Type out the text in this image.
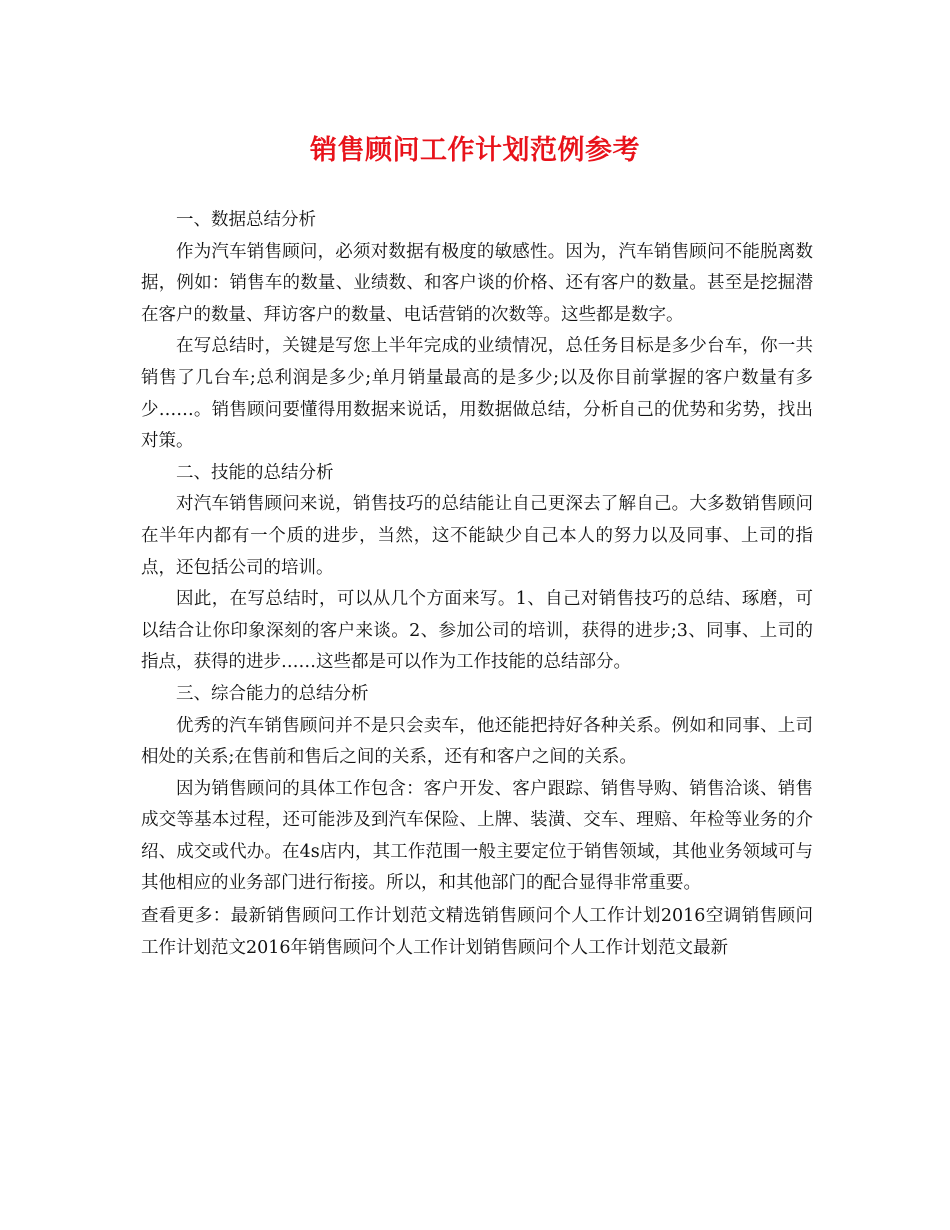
销售顾问工作计划范例参考

一、数据总结分析

作为汽车销售顾问，必须对数据有极度的敏感性。因为，汽车销售顾问不能脱离数据，例如：销售车的数量、业绩数、和客户谈的价格、还有客户的数量。甚至是挖掘潜在客户的数量、拜访客户的数量、电话营销的次数等。这些都是数字。

在写总结时，关键是写您上半年完成的业绩情况，总任务目标是多少台车，你一共销售了几台车;总利润是多少;单月销量最高的是多少;以及你目前掌握的客户数量有多少……。销售顾问要懂得用数据来说话，用数据做总结，分析自己的优势和劣势，找出对策。

二、技能的总结分析

对汽车销售顾问来说，销售技巧的总结能让自己更深去了解自己。大多数销售顾问在半年内都有一个质的进步，当然，这不能缺少自己本人的努力以及同事、上司的指点，还包括公司的培训。

因此，在写总结时，可以从几个方面来写。1、自己对销售技巧的总结、琢磨，可以结合让你印象深刻的客户来谈。2、参加公司的培训，获得的进步;3、同事、上司的指点，获得的进步……这些都是可以作为工作技能的总结部分。

三、综合能力的总结分析

优秀的汽车销售顾问并不是只会卖车，他还能把持好各种关系。例如和同事、上司相处的关系;在售前和售后之间的关系，还有和客户之间的关系。

因为销售顾问的具体工作包含：客户开发、客户跟踪、销售导购、销售洽谈、销售成交等基本过程，还可能涉及到汽车保险、上牌、装潢、交车、理赔、年检等业务的介绍、成交或代办。在4s店内，其工作范围一般主要定位于销售领域，其他业务领域可与其他相应的业务部门进行衔接。所以，和其他部门的配合显得非常重要。

查看更多：最新销售顾问工作计划范文精选销售顾问个人工作计划2016空调销售顾问工作计划范文2016年销售顾问个人工作计划销售顾问个人工作计划范文最新
